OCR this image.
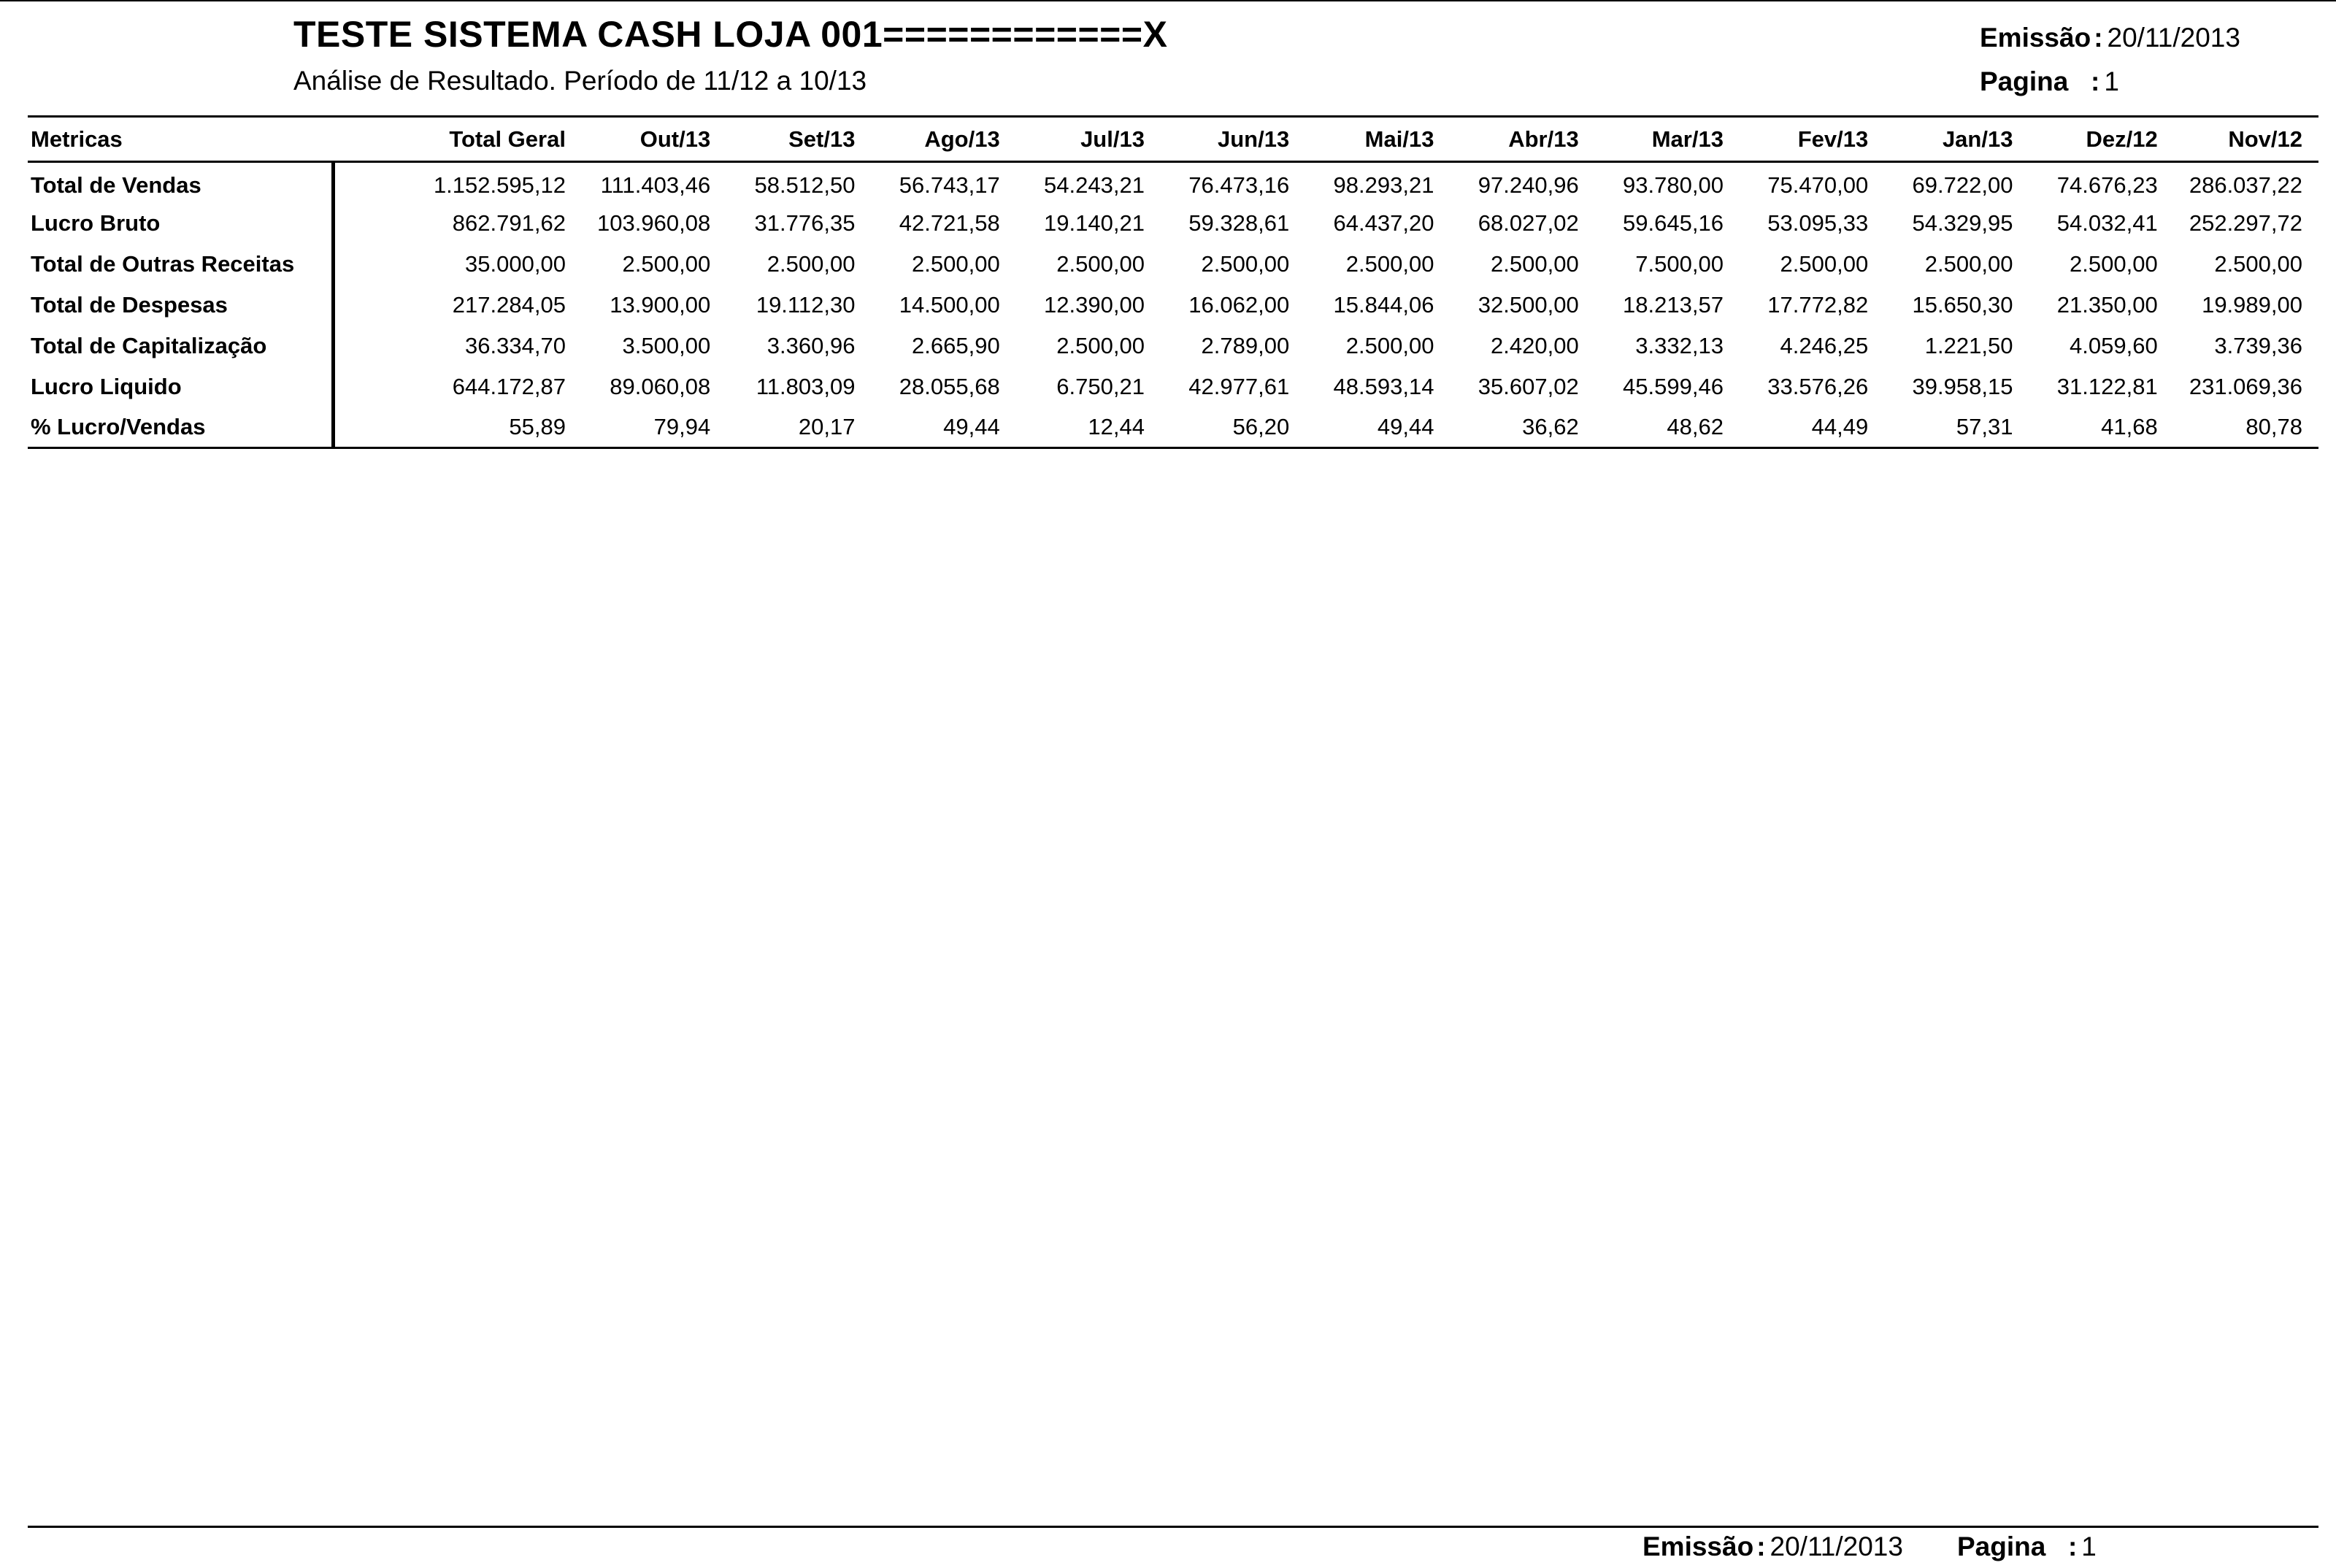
TESTE SISTEMA CASH LOJA 001============X
Análise de Resultado. Período de 11/12 a 10/13
Emissão : 20/11/2013
Pagina : 1
Metricas	Total Geral	Out/13	Set/13	Ago/13	Jul/13	Jun/13	Mai/13	Abr/13	Mar/13	Fev/13	Jan/13	Dez/12	Nov/12
Total de Vendas	1.152.595,12	111.403,46	58.512,50	56.743,17	54.243,21	76.473,16	98.293,21	97.240,96	93.780,00	75.470,00	69.722,00	74.676,23	286.037,22
Lucro Bruto	862.791,62	103.960,08	31.776,35	42.721,58	19.140,21	59.328,61	64.437,20	68.027,02	59.645,16	53.095,33	54.329,95	54.032,41	252.297,72
Total de Outras Receitas	35.000,00	2.500,00	2.500,00	2.500,00	2.500,00	2.500,00	2.500,00	2.500,00	7.500,00	2.500,00	2.500,00	2.500,00	2.500,00
Total de Despesas	217.284,05	13.900,00	19.112,30	14.500,00	12.390,00	16.062,00	15.844,06	32.500,00	18.213,57	17.772,82	15.650,30	21.350,00	19.989,00
Total de Capitalização	36.334,70	3.500,00	3.360,96	2.665,90	2.500,00	2.789,00	2.500,00	2.420,00	3.332,13	4.246,25	1.221,50	4.059,60	3.739,36
Lucro Liquido	644.172,87	89.060,08	11.803,09	28.055,68	6.750,21	42.977,61	48.593,14	35.607,02	45.599,46	33.576,26	39.958,15	31.122,81	231.069,36
% Lucro/Vendas	55,89	79,94	20,17	49,44	12,44	56,20	49,44	36,62	48,62	44,49	57,31	41,68	80,78
Emissão : 20/11/2013 Pagina : 1
